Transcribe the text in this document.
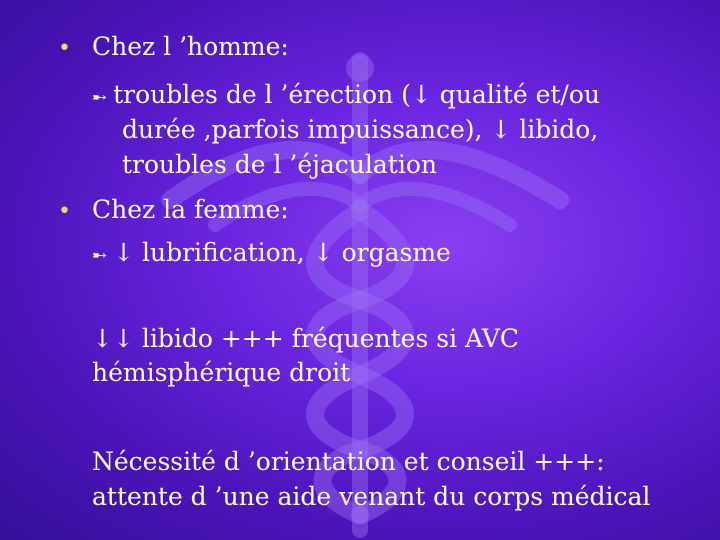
• Chez l ’homme:
➸ troubles de l ’érection (↓ qualité et/ou
durée ,parfois impuissance), ↓ libido,
troubles de l ’éjaculation
• Chez la femme:
➸ ↓ lubrification, ↓ orgasme
↓↓ libido +++ fréquentes si AVC
hémisphérique droit
Nécessité d ’orientation et conseil +++:
attente d ’une aide venant du corps médical
